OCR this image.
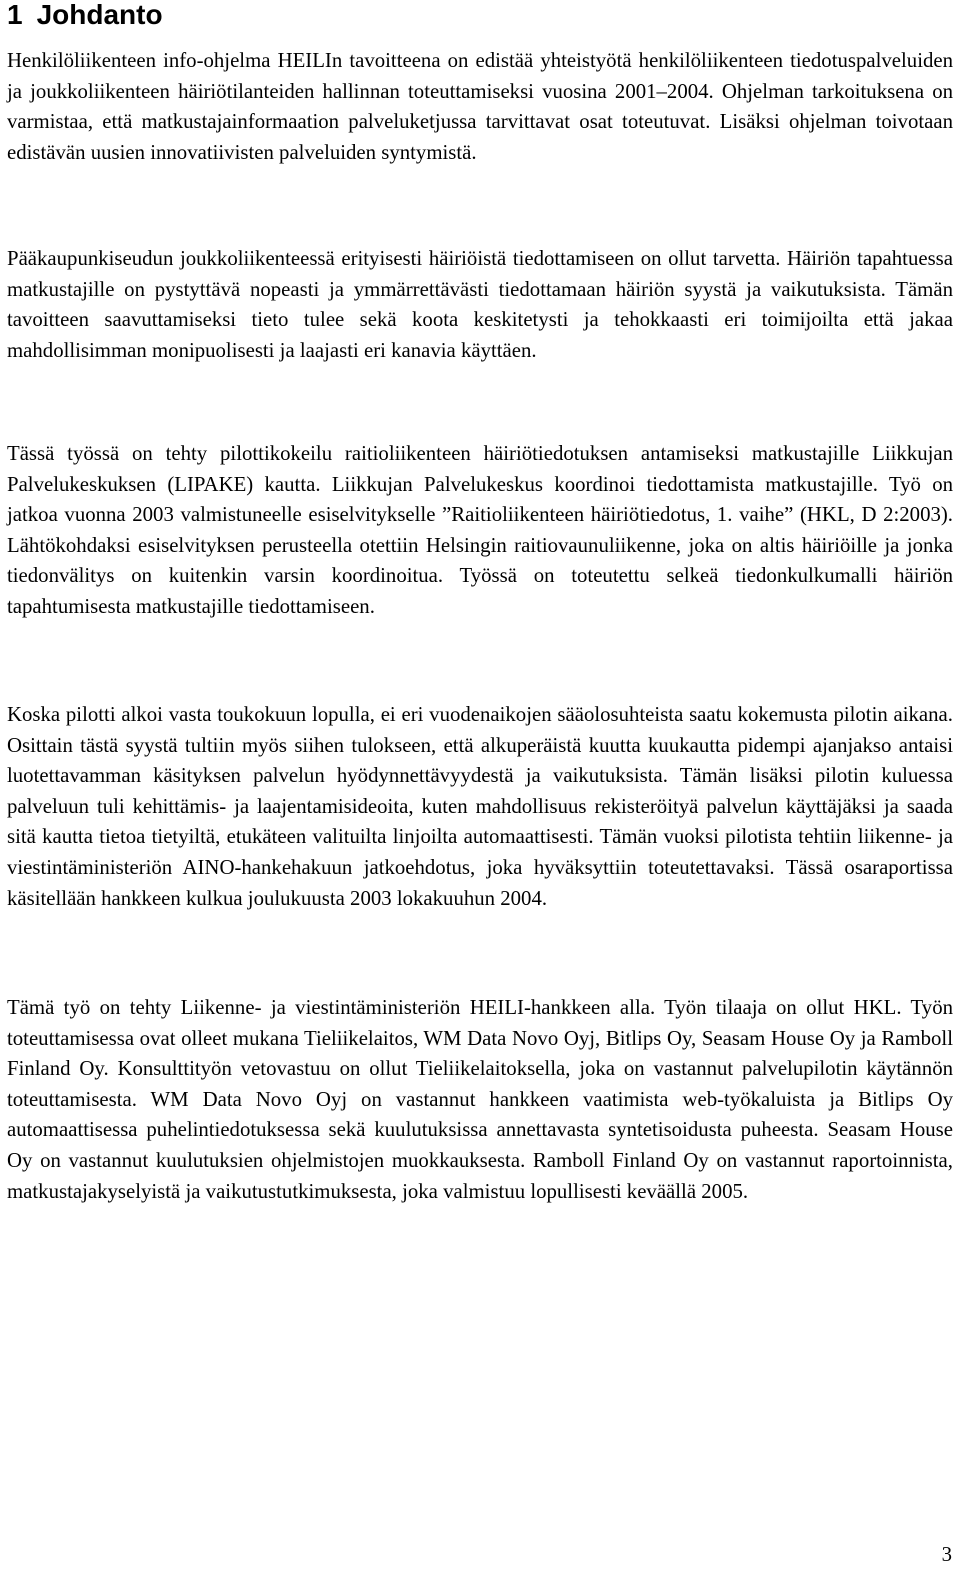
1 Johdanto

Henkilöliikenteen info-ohjelma HEILIn tavoitteena on edistää yhteistyötä henkilöliikenteen tiedotuspalveluiden ja joukkoliikenteen häiriötilanteiden hallinnan toteuttamiseksi vuosina 2001–2004. Ohjelman tarkoituksena on varmistaa, että matkustajainformaation palveluketjussa tarvittavat osat toteutuvat. Lisäksi ohjelman toivotaan edistävän uusien innovatiivisten palveluiden syntymistä.

Pääkaupunkiseudun joukkoliikenteessä erityisesti häiriöistä tiedottamiseen on ollut tarvetta. Häiriön tapahtuessa matkustajille on pystyttävä nopeasti ja ymmärrettävästi tiedottamaan häiriön syystä ja vaikutuksista. Tämän tavoitteen saavuttamiseksi tieto tulee sekä koota keskitetysti ja tehokkaasti eri toimijoilta että jakaa mahdollisimman monipuolisesti ja laajasti eri kanavia käyttäen.

Tässä työssä on tehty pilottikokeilu raitioliikenteen häiriötiedotuksen antamiseksi matkustajille Liikkujan Palvelukeskuksen (LIPAKE) kautta. Liikkujan Palvelukeskus koordinoi tiedottamista matkustajille. Työ on jatkoa vuonna 2003 valmistuneelle esiselvitykselle ”Raitioliikenteen häiriötiedotus, 1. vaihe” (HKL, D 2:2003). Lähtökohdaksi esiselvityksen perusteella otettiin Helsingin raitiovaunuliikenne, joka on altis häiriöille ja jonka tiedonvälitys on kuitenkin varsin koordinoitua. Työssä on toteutettu selkeä tiedonkulkumalli häiriön tapahtumisesta matkustajille tiedottamiseen.

Koska pilotti alkoi vasta toukokuun lopulla, ei eri vuodenaikojen sääolosuhteista saatu kokemusta pilotin aikana. Osittain tästä syystä tultiin myös siihen tulokseen, että alkuperäistä kuutta kuukautta pidempi ajanjakso antaisi luotettavamman käsityksen palvelun hyödynnettävyydestä ja vaikutuksista. Tämän lisäksi pilotin kuluessa palveluun tuli kehittämis- ja laajentamisideoita, kuten mahdollisuus rekisteröityä palvelun käyttäjäksi ja saada sitä kautta tietoa tietyiltä, etukäteen valituilta linjoilta automaattisesti. Tämän vuoksi pilotista tehtiin liikenne- ja viestintäministeriön AINO-hankehakuun jatkoehdotus, joka hyväksyttiin toteutettavaksi. Tässä osaraportissa käsitellään hankkeen kulkua joulukuusta 2003 lokakuuhun 2004.

Tämä työ on tehty Liikenne- ja viestintäministeriön HEILI-hankkeen alla. Työn tilaaja on ollut HKL. Työn toteuttamisessa ovat olleet mukana Tieliikelaitos, WM Data Novo Oyj, Bitlips Oy, Seasam House Oy ja Ramboll Finland Oy. Konsulttityön vetovastuu on ollut Tieliikelaitoksella, joka on vastannut palvelupilotin käytännön toteuttamisesta. WM Data Novo Oyj on vastannut hankkeen vaatimista web-työkaluista ja Bitlips Oy automaattisessa puhelintiedotuksessa sekä kuulutuksissa annettavasta syntetisoidusta puheesta. Seasam House Oy on vastannut kuulutuksien ohjelmistojen muokkauksesta. Ramboll Finland Oy on vastannut raportoinnista, matkustajakyselyistä ja vaikutustutkimuksesta, joka valmistuu lopullisesti keväällä 2005.

3
